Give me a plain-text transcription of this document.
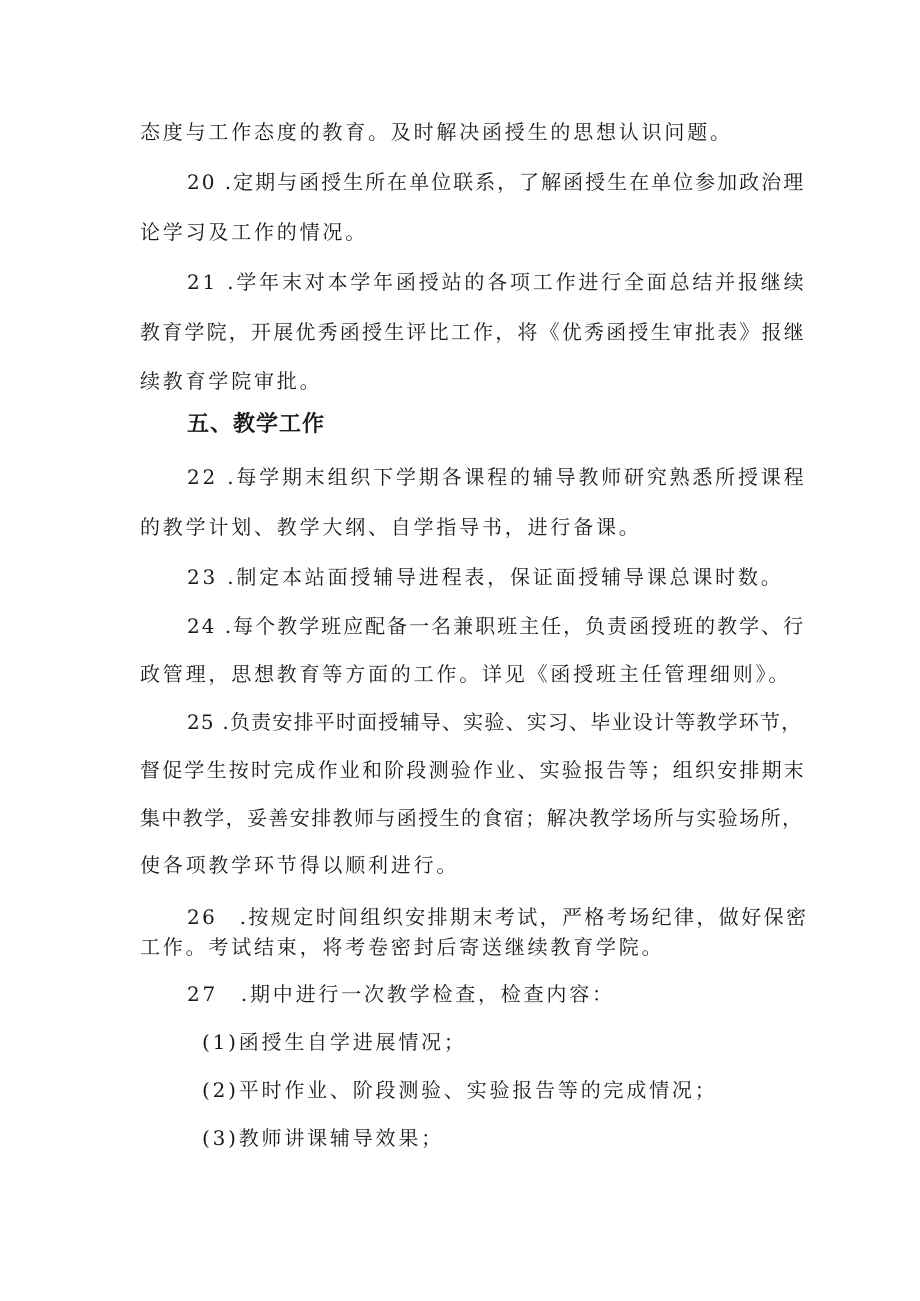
态度与工作态度的教育。及时解决函授生的思想认识问题。
20 .定期与函授生所在单位联系，了解函授生在单位参加政治理
论学习及工作的情况。
21 .学年末对本学年函授站的各项工作进行全面总结并报继续
教育学院，开展优秀函授生评比工作，将《优秀函授生审批表》报继
续教育学院审批。
五、教学工作
22 .每学期末组织下学期各课程的辅导教师研究熟悉所授课程
的教学计划、教学大纲、自学指导书，进行备课。
23 .制定本站面授辅导进程表，保证面授辅导课总课时数。
24 .每个教学班应配备一名兼职班主任，负责函授班的教学、行
政管理，思想教育等方面的工作。详见《函授班主任管理细则》。
25 .负责安排平时面授辅导、实验、实习、毕业设计等教学环节，
督促学生按时完成作业和阶段测验作业、实验报告等；组织安排期末
集中教学，妥善安排教师与函授生的食宿；解决教学场所与实验场所，
使各项教学环节得以顺利进行。
26　.按规定时间组织安排期末考试，严格考场纪律，做好保密
工作。考试结束，将考卷密封后寄送继续教育学院。
27　.期中进行一次教学检查，检查内容：
(1)函授生自学进展情况；
(2)平时作业、阶段测验、实验报告等的完成情况；
(3)教师讲课辅导效果；
